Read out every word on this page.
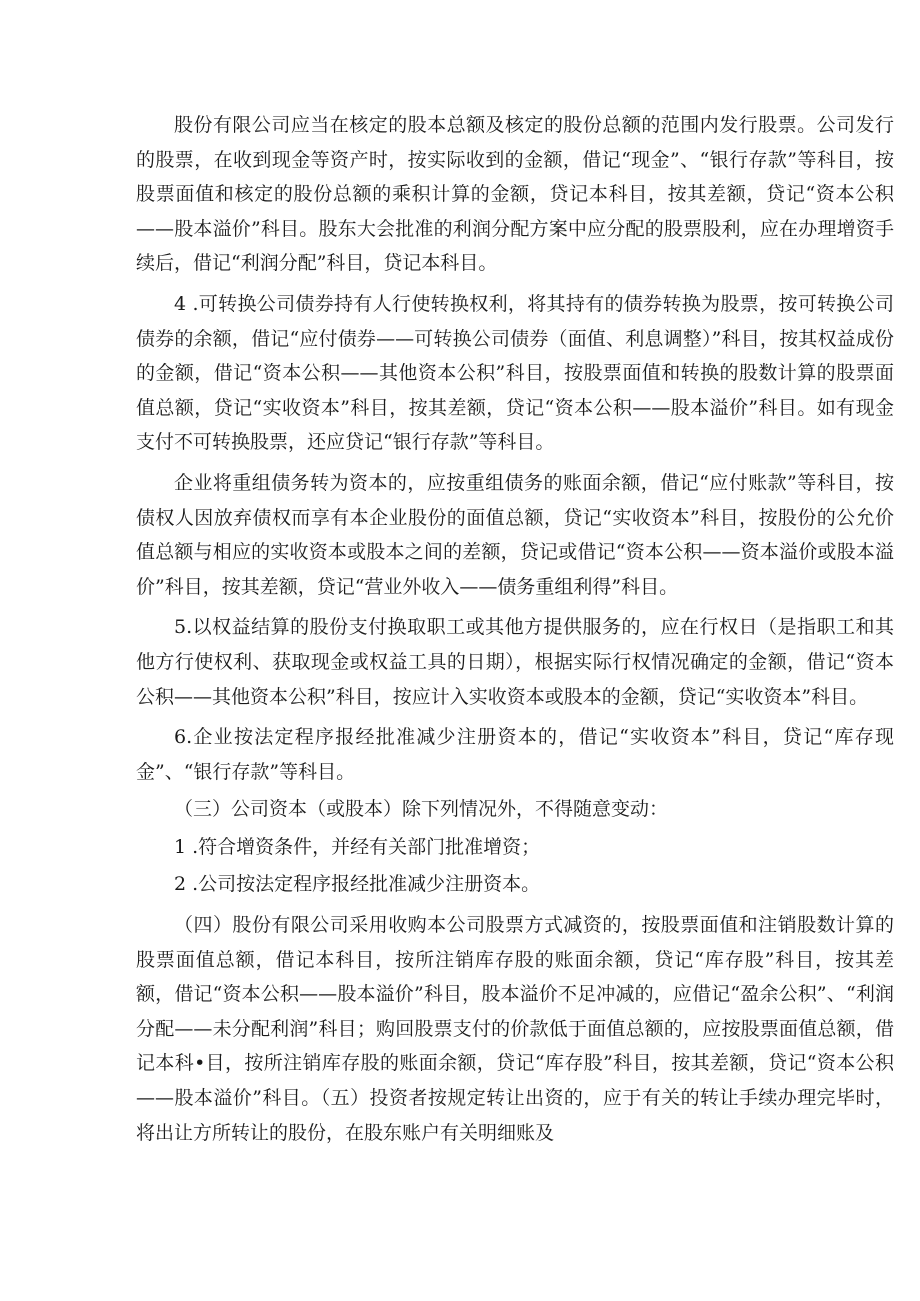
股份有限公司应当在核定的股本总额及核定的股份总额的范围内发行股票。公司发行的股票，在收到现金等资产时，按实际收到的金额，借记“现金”、“银行存款”等科目，按股票面值和核定的股份总额的乘积计算的金额，贷记本科目，按其差额，贷记“资本公积——股本溢价”科目。股东大会批准的利润分配方案中应分配的股票股利，应在办理增资手续后，借记“利润分配”科目，贷记本科目。

4 .可转换公司债券持有人行使转换权利，将其持有的债券转换为股票，按可转换公司债券的余额，借记“应付债券——可转换公司债券（面值、利息调整）”科目，按其权益成份的金额，借记“资本公积——其他资本公积”科目，按股票面值和转换的股数计算的股票面值总额，贷记“实收资本”科目，按其差额，贷记“资本公积——股本溢价”科目。如有现金支付不可转换股票，还应贷记“银行存款”等科目。

企业将重组债务转为资本的，应按重组债务的账面余额，借记“应付账款”等科目，按债权人因放弃债权而享有本企业股份的面值总额，贷记“实收资本”科目，按股份的公允价值总额与相应的实收资本或股本之间的差额，贷记或借记“资本公积——资本溢价或股本溢价”科目，按其差额，贷记“营业外收入——债务重组利得”科目。

5.以权益结算的股份支付换取职工或其他方提供服务的，应在行权日（是指职工和其他方行使权利、获取现金或权益工具的日期），根据实际行权情况确定的金额，借记“资本公积——其他资本公积”科目，按应计入实收资本或股本的金额，贷记“实收资本”科目。

6.企业按法定程序报经批准减少注册资本的，借记“实收资本”科目，贷记“库存现金”、“银行存款”等科目。

（三）公司资本（或股本）除下列情况外，不得随意变动：

1 .符合增资条件，并经有关部门批准增资；

2 .公司按法定程序报经批准减少注册资本。

（四）股份有限公司采用收购本公司股票方式减资的，按股票面值和注销股数计算的股票面值总额，借记本科目，按所注销库存股的账面余额，贷记“库存股”科目，按其差额，借记“资本公积——股本溢价”科目，股本溢价不足冲减的，应借记“盈余公积”、“利润分配——未分配利润”科目；购回股票支付的价款低于面值总额的，应按股票面值总额，借记本科•目，按所注销库存股的账面余额，贷记“库存股”科目，按其差额，贷记“资本公积——股本溢价”科目。（五）投资者按规定转让出资的，应于有关的转让手续办理完毕时，将出让方所转让的股份，在股东账户有关明细账及
